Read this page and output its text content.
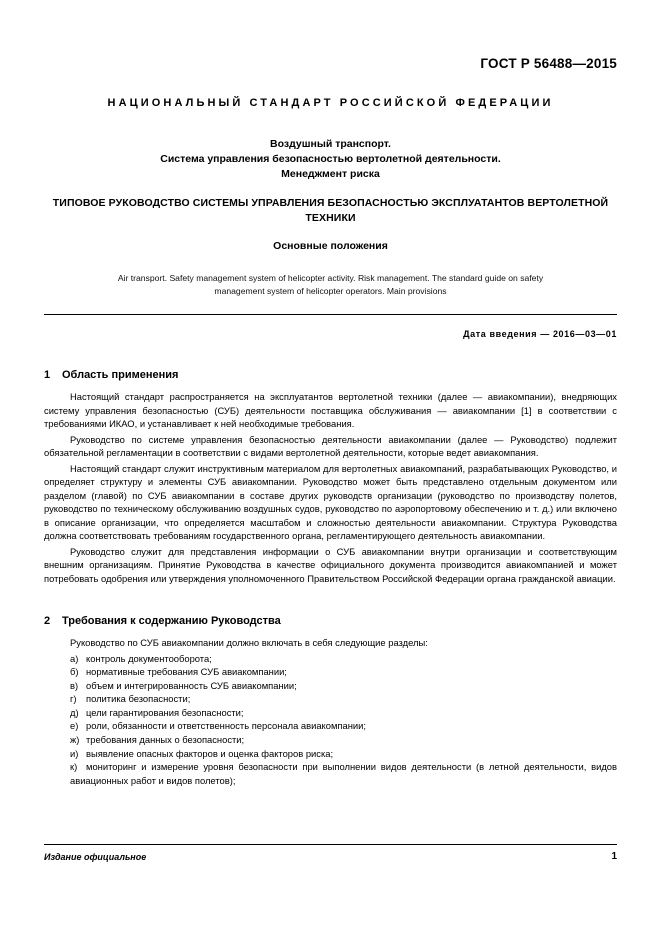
ГОСТ Р 56488—2015
НАЦИОНАЛЬНЫЙ СТАНДАРТ РОССИЙСКОЙ ФЕДЕРАЦИИ
Воздушный транспорт.
Система управления безопасностью вертолетной деятельности.
Менеджмент риска
ТИПОВОЕ РУКОВОДСТВО СИСТЕМЫ УПРАВЛЕНИЯ БЕЗОПАСНОСТЬЮ ЭКСПЛУАТАНТОВ ВЕРТОЛЕТНОЙ ТЕХНИКИ
Основные положения
Air transport. Safety management system of helicopter activity. Risk management. The standard guide on safety management system of helicopter operators. Main provisions
Дата введения — 2016—03—01
1 Область применения

Настоящий стандарт распространяется на эксплуатантов вертолетной техники (далее — авиакомпании), внедряющих систему управления безопасностью (СУБ) деятельности поставщика обслуживания — авиакомпании [1] в соответствии с требованиями ИКАО, и устанавливает к ней необходимые требования.

Руководство по системе управления безопасностью деятельности авиакомпании (далее — Руководство) подлежит обязательной регламентации в соответствии с видами вертолетной деятельности, которые ведет авиакомпания.

Настоящий стандарт служит инструктивным материалом для вертолетных авиакомпаний, разрабатывающих Руководство, и определяет структуру и элементы СУБ авиакомпании. Руководство может быть представлено отдельным документом или разделом (главой) по СУБ авиакомпании в составе других руководств организации (руководство по производству полетов, руководство по техническому обслуживанию воздушных судов, руководство по аэропортовому обеспечению и т. д.) или включено в описание организации, что определяется масштабом и сложностью деятельности авиакомпании. Структура Руководства должна соответствовать требованиям государственного органа, регламентирующего деятельность авиакомпании.

Руководство служит для представления информации о СУБ авиакомпании внутри организации и соответствующим внешним организациям. Принятие Руководства в качестве официального документа производится авиакомпанией и может потребовать одобрения или утверждения уполномоченного Правительством Российской Федерации органа гражданской авиации.

2 Требования к содержанию Руководства

Руководство по СУБ авиакомпании должно включать в себя следующие разделы:

а) контроль документооборота;
б) нормативные требования СУБ авиакомпании;
в) объем и интегрированность СУБ авиакомпании;
г) политика безопасности;
д) цели гарантирования безопасности;
е) роли, обязанности и ответственность персонала авиакомпании;
ж) требования данных о безопасности;
и) выявление опасных факторов и оценка факторов риска;
к) мониторинг и измерение уровня безопасности при выполнении видов деятельности (в летной деятельности, видов авиационных работ и видов полетов);
Издание официальное	1
